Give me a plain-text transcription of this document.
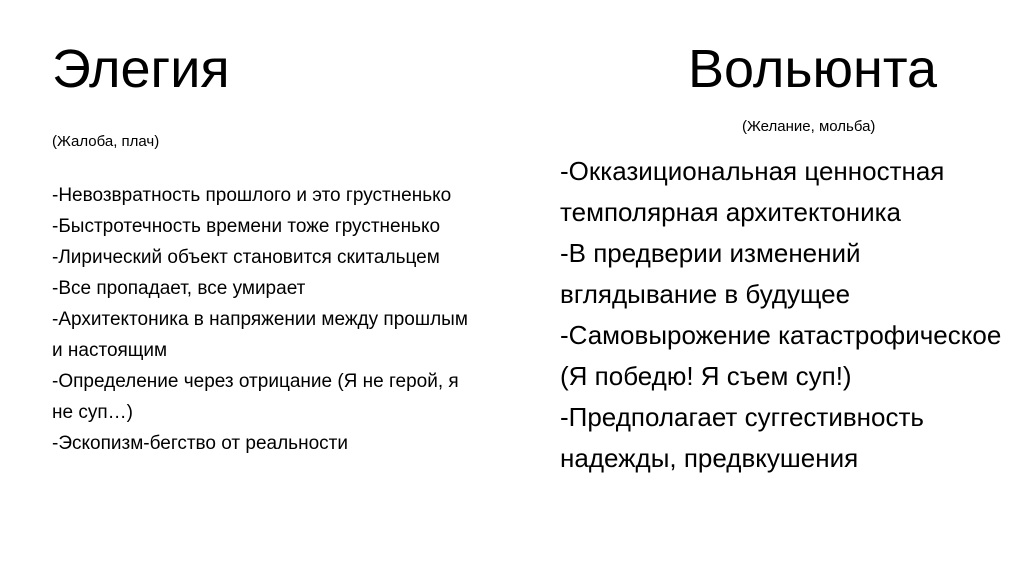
Элегия	Вольюнта
(Жалоба, плач)
(Желание, мольба)
-Невозвратность прошлого и это грустненько
-Быстротечность времени тоже грустненько
-Лирический объект становится скитальцем
-Все пропадает, все умирает
-Архитектоника в напряжении между прошлым и настоящим
-Определение через отрицание (Я не герой, я не суп…)
-Эскопизм-бегство от реальности
-Окказициональная ценностная темполярная архитектоника
-В предверии изменений вглядывание в будущее
-Самовырожение катастрофическое (Я победю! Я съем суп!)
-Предполагает суггестивность надежды, предвкушения
